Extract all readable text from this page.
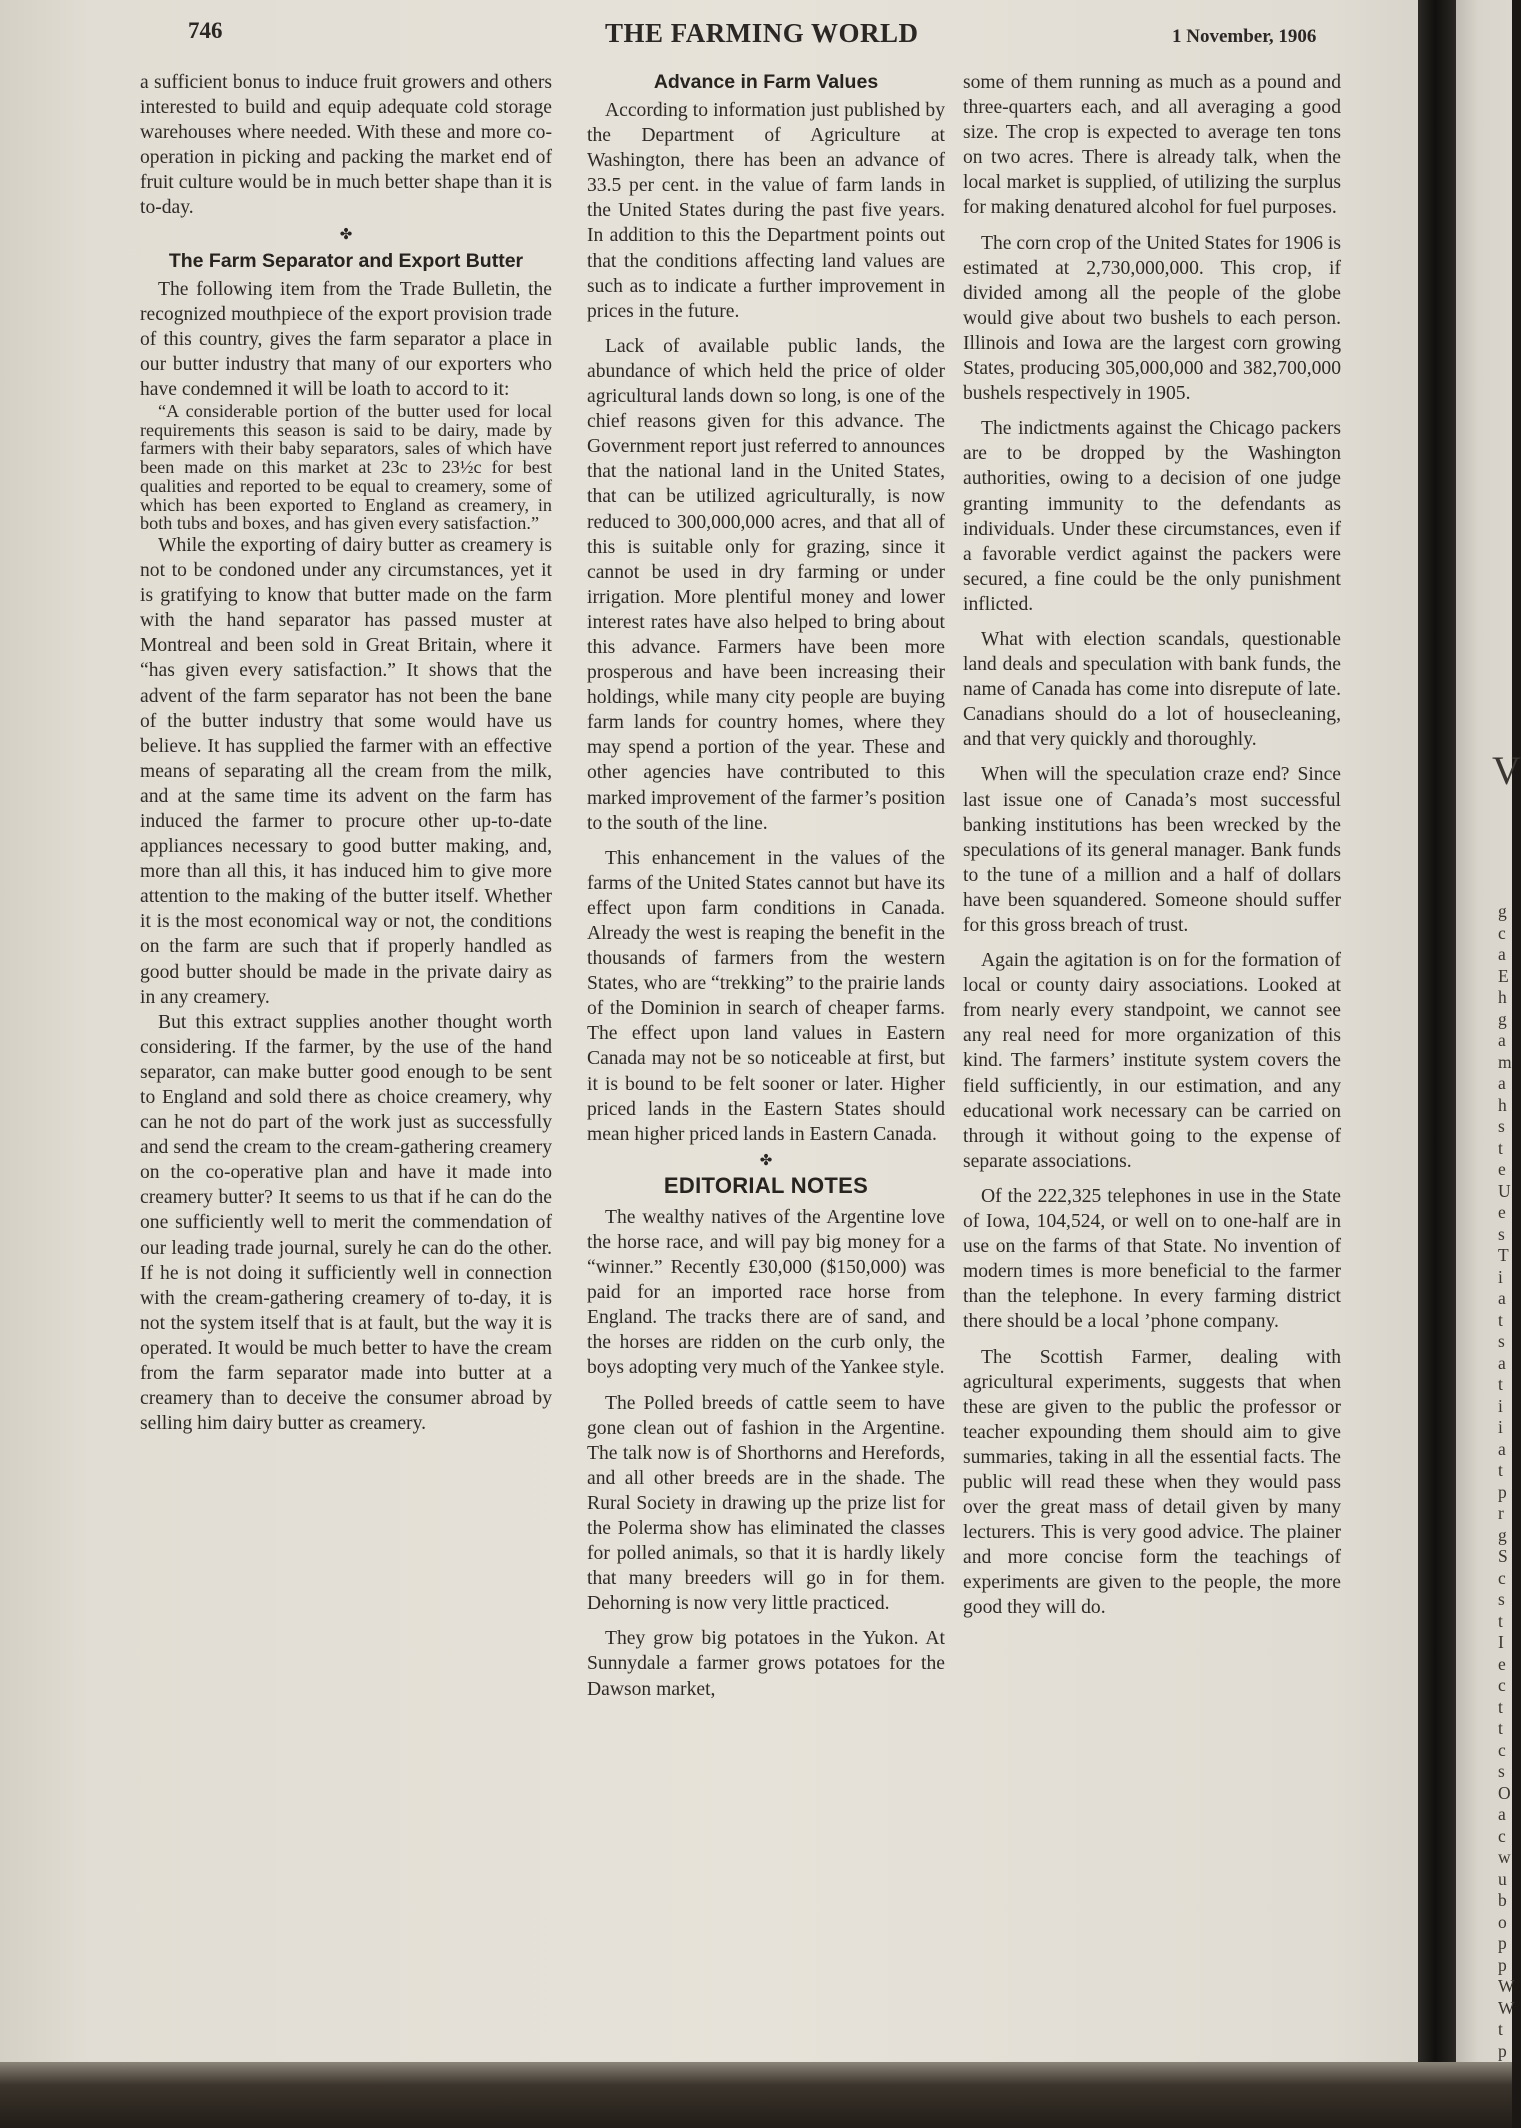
746	THE FARMING WORLD	1 November, 1906

a sufficient bonus to induce fruit growers and others interested to build and equip adequate cold storage warehouses where needed. With these and more co-operation in picking and packing the market end of fruit culture would be in much better shape than it is to-day.

✤
The Farm Separator and Export Butter

The following item from the Trade Bulletin, the recognized mouthpiece of the export provision trade of this country, gives the farm separator a place in our butter industry that many of our exporters who have condemned it will be loath to accord to it:

“A considerable portion of the butter used for local requirements this season is said to be dairy, made by farmers with their baby separators, sales of which have been made on this market at 23c to 23½c for best qualities and reported to be equal to creamery, some of which has been exported to England as creamery, in both tubs and boxes, and has given every satisfaction.”

While the exporting of dairy butter as creamery is not to be condoned under any circumstances, yet it is gratifying to know that butter made on the farm with the hand separator has passed muster at Montreal and been sold in Great Britain, where it “has given every satisfaction.” It shows that the advent of the farm separator has not been the bane of the butter industry that some would have us believe. It has supplied the farmer with an effective means of separating all the cream from the milk, and at the same time its advent on the farm has induced the farmer to procure other up-to-date appliances necessary to good butter making, and, more than all this, it has induced him to give more attention to the making of the butter itself. Whether it is the most economical way or not, the conditions on the farm are such that if properly handled as good butter should be made in the private dairy as in any creamery.

But this extract supplies another thought worth considering. If the farmer, by the use of the hand separator, can make butter good enough to be sent to England and sold there as choice creamery, why can he not do part of the work just as successfully and send the cream to the cream-gathering creamery on the co-operative plan and have it made into creamery butter? It seems to us that if he can do the one sufficiently well to merit the commendation of our leading trade journal, surely he can do the other. If he is not doing it sufficiently well in connection with the cream-gathering creamery of to-day, it is not the system itself that is at fault, but the way it is operated. It would be much better to have the cream from the farm separator made into butter at a creamery than to deceive the consumer abroad by selling him dairy butter as creamery.

Advance in Farm Values

According to information just published by the Department of Agriculture at Washington, there has been an advance of 33.5 per cent. in the value of farm lands in the United States during the past five years. In addition to this the Department points out that the conditions affecting land values are such as to indicate a further improvement in prices in the future.

Lack of available public lands, the abundance of which held the price of older agricultural lands down so long, is one of the chief reasons given for this advance. The Government report just referred to announces that the national land in the United States, that can be utilized agriculturally, is now reduced to 300,000,000 acres, and that all of this is suitable only for grazing, since it cannot be used in dry farming or under irrigation. More plentiful money and lower interest rates have also helped to bring about this advance. Farmers have been more prosperous and have been increasing their holdings, while many city people are buying farm lands for country homes, where they may spend a portion of the year. These and other agencies have contributed to this marked improvement of the farmer’s position to the south of the line.

This enhancement in the values of the farms of the United States cannot but have its effect upon farm conditions in Canada. Already the west is reaping the benefit in the thousands of farmers from the western States, who are “trekking” to the prairie lands of the Dominion in search of cheaper farms. The effect upon land values in Eastern Canada may not be so noticeable at first, but it is bound to be felt sooner or later. Higher priced lands in the Eastern States should mean higher priced lands in Eastern Canada.

✤
EDITORIAL NOTES

The wealthy natives of the Argentine love the horse race, and will pay big money for a “winner.” Recently £30,000 ($150,000) was paid for an imported race horse from England. The tracks there are of sand, and the horses are ridden on the curb only, the boys adopting very much of the Yankee style.

The Polled breeds of cattle seem to have gone clean out of fashion in the Argentine. The talk now is of Shorthorns and Herefords, and all other breeds are in the shade. The Rural Society in drawing up the prize list for the Polerma show has eliminated the classes for polled animals, so that it is hardly likely that many breeders will go in for them. Dehorning is now very little practiced.

They grow big potatoes in the Yukon. At Sunnydale a farmer grows potatoes for the Dawson market,

some of them running as much as a pound and three-quarters each, and all averaging a good size. The crop is expected to average ten tons on two acres. There is already talk, when the local market is supplied, of utilizing the surplus for making denatured alcohol for fuel purposes.

The corn crop of the United States for 1906 is estimated at 2,730,000,000. This crop, if divided among all the people of the globe would give about two bushels to each person. Illinois and Iowa are the largest corn growing States, producing 305,000,000 and 382,700,000 bushels respectively in 1905.

The indictments against the Chicago packers are to be dropped by the Washington authorities, owing to a decision of one judge granting immunity to the defendants as individuals. Under these circumstances, even if a favorable verdict against the packers were secured, a fine could be the only punishment inflicted.

What with election scandals, questionable land deals and speculation with bank funds, the name of Canada has come into disrepute of late. Canadians should do a lot of housecleaning, and that very quickly and thoroughly.

When will the speculation craze end? Since last issue one of Canada’s most successful banking institutions has been wrecked by the speculations of its general manager. Bank funds to the tune of a million and a half of dollars have been squandered. Someone should suffer for this gross breach of trust.

Again the agitation is on for the formation of local or county dairy associations. Looked at from nearly every standpoint, we cannot see any real need for more organization of this kind. The farmers’ institute system covers the field sufficiently, in our estimation, and any educational work necessary can be carried on through it without going to the expense of separate associations.

Of the 222,325 telephones in use in the State of Iowa, 104,524, or well on to one-half are in use on the farms of that State. No invention of modern times is more beneficial to the farmer than the telephone. In every farming district there should be a local ’phone company.

The Scottish Farmer, dealing with agricultural experiments, suggests that when these are given to the public the professor or teacher expounding them should aim to give summaries, taking in all the essential facts. The public will read these when they would pass over the great mass of detail given by many lecturers. This is very good advice. The plainer and more concise form the teachings of experiments are given to the people, the more good they will do.

V
g
c
a
E
h
g
a
m
a
h
s
t
e
U
e
s
T
i
a
t
s
a
t
i
i
a
t
p
r
g
S
c
s
t
I
e
c
t
t
c
s
O
a
c
w
u
b
o
p
p
W
W
t
p
